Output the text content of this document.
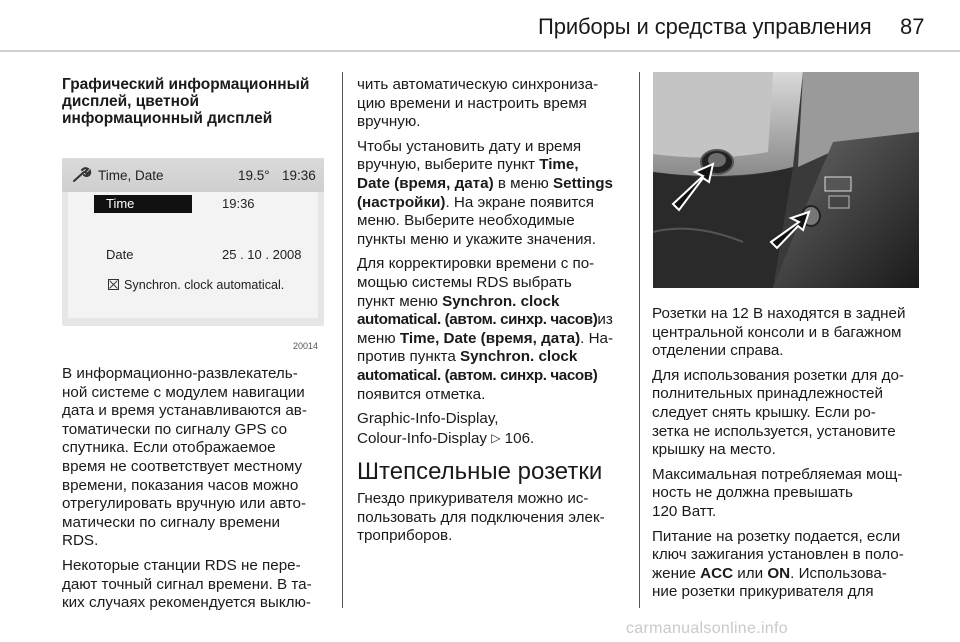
Приборы и средства управления 87
Графический информационный
дисплей, цветной
информационный дисплей
Time, Date	19.5° 19:36
Time	19:36
Date	25 . 10 . 2008
Synchron. clock automatical.
20014

В информационно-развлекатель-
ной системе с модулем навигации
дата и время устанавливаются ав-
томатически по сигналу GPS со
спутника. Если отображаемое
время не соответствует местному
времени, показания часов можно
отрегулировать вручную или авто-
матически по сигналу времени
RDS.

Некоторые станции RDS не пере-
дают точный сигнал времени. В та-
ких случаях рекомендуется выклю-

чить автоматическую синхрониза-
цию времени и настроить время
вручную.

Чтобы установить дату и время
вручную, выберите пункт Time,
Date (время, дата) в меню Settings
(настройки). На экране появится
меню. Выберите необходимые
пункты меню и укажите значения.

Для корректировки времени с по-
мощью системы RDS выбрать
пункт меню Synchron. clock
automatical. (автом. синхр. часов)из
меню Time, Date (время, дата). На-
против пункта Synchron. clock
automatical. (автом. синхр. часов)
появится отметка.

Graphic-Info-Display,
Colour-Info-Display ▷ 106.

Штепсельные розетки

Гнездо прикуривателя можно ис-
пользовать для подключения элек-
троприборов.

Розетки на 12 В находятся в задней
центральной консоли и в багажном
отделении справа.

Для использования розетки для до-
полнительных принадлежностей
следует снять крышку. Если ро-
зетка не используется, установите
крышку на место.

Максимальная потребляемая мощ-
ность не должна превышать
120 Ватт.

Питание на розетку подается, если
ключ зажигания установлен в поло-
жение ACC или ON. Использова-
ние розетки прикуривателя для

carmanualsonline.info
